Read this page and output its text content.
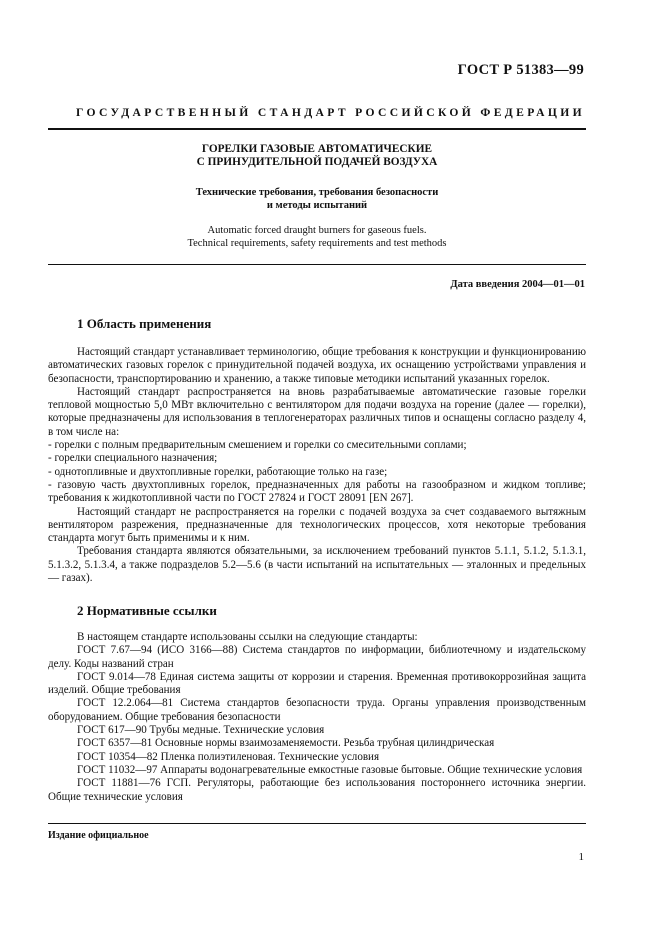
ГОСТ Р 51383—99
ГОСУДАРСТВЕННЫЙ СТАНДАРТ РОССИЙСКОЙ ФЕДЕРАЦИИ
ГОРЕЛКИ ГАЗОВЫЕ АВТОМАТИЧЕСКИЕ
С ПРИНУДИТЕЛЬНОЙ ПОДАЧЕЙ ВОЗДУХА
Технические требования, требования безопасности
и методы испытаний
Automatic forced draught burners for gaseous fuels.
Technical requirements, safety requirements and test methods
Дата введения 2004—01—01
1 Область применения

Настоящий стандарт устанавливает терминологию, общие требования к конструкции и функционированию автоматических газовых горелок с принудительной подачей воздуха, их оснащению устройствами управления и безопасности, транспортированию и хранению, а также типовые методики испытаний указанных горелок.

Настоящий стандарт распространяется на вновь разрабатываемые автоматические газовые горелки тепловой мощностью 5,0 МВт включительно с вентилятором для подачи воздуха на горение (далее — горелки), которые предназначены для использования в теплогенераторах различных типов и оснащены согласно разделу 4, в том числе на:

- горелки с полным предварительным смешением и горелки со смесительными соплами;

- горелки специального назначения;

- однотопливные и двухтопливные горелки, работающие только на газе;

- газовую часть двухтопливных горелок, предназначенных для работы на газообразном и жидком топливе; требования к жидкотопливной части по ГОСТ 27824 и ГОСТ 28091 [EN 267].

Настоящий стандарт не распространяется на горелки с подачей воздуха за счет создаваемого вытяжным вентилятором разрежения, предназначенные для технологических процессов, хотя некоторые требования стандарта могут быть применимы и к ним.

Требования стандарта являются обязательными, за исключением требований пунктов 5.1.1, 5.1.2, 5.1.3.1, 5.1.3.2, 5.1.3.4, а также подразделов 5.2—5.6 (в части испытаний на испытательных — эталонных и предельных — газах).

2 Нормативные ссылки

В настоящем стандарте использованы ссылки на следующие стандарты:

ГОСТ 7.67—94 (ИСО 3166—88) Система стандартов по информации, библиотечному и издательскому делу. Коды названий стран

ГОСТ 9.014—78 Единая система защиты от коррозии и старения. Временная противокоррозийная защита изделий. Общие требования

ГОСТ 12.2.064—81 Система стандартов безопасности труда. Органы управления производственным оборудованием. Общие требования безопасности

ГОСТ 617—90 Трубы медные. Технические условия

ГОСТ 6357—81 Основные нормы взаимозаменяемости. Резьба трубная цилиндрическая

ГОСТ 10354—82 Пленка полиэтиленовая. Технические условия

ГОСТ 11032—97 Аппараты водонагревательные емкостные газовые бытовые. Общие технические условия

ГОСТ 11881—76 ГСП. Регуляторы, работающие без использования постороннего источника энергии. Общие технические условия

Издание официальное
1
